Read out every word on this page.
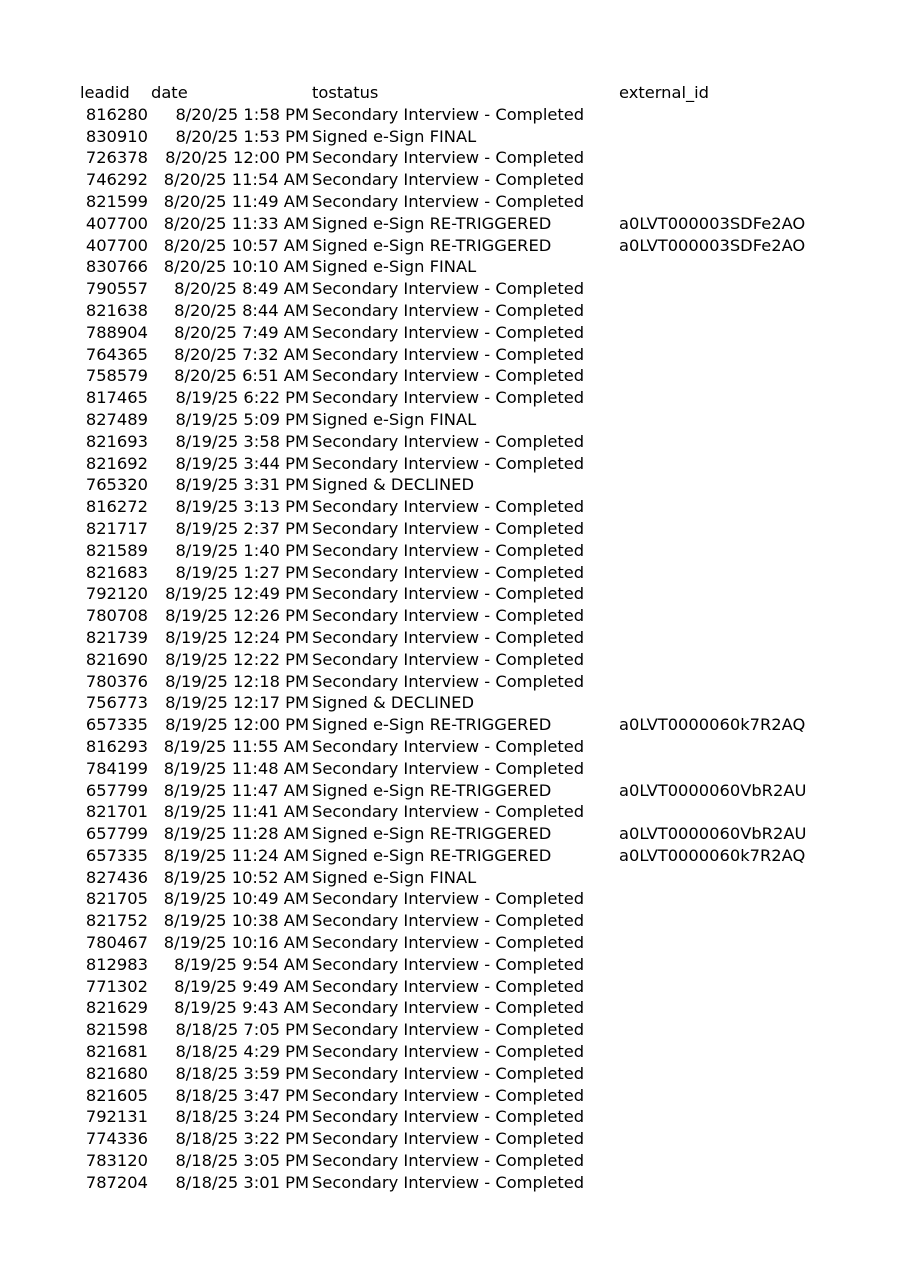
leadid date	tostatus	external_id
816280	8/20/25 1:58 PM Secondary Interview - Completed
830910	8/20/25 1:53 PM Signed e-Sign FINAL
726378	8/20/25 12:00 PM Secondary Interview - Completed
746292 8/20/25 11:54 AM Secondary Interview - Completed
821599 8/20/25 11:49 AM Secondary Interview - Completed
407700 8/20/25 11:33 AM Signed e-Sign RE-TRIGGERED	a0LVT000003SDFe2AO
407700 8/20/25 10:57 AM Signed e-Sign RE-TRIGGERED	a0LVT000003SDFe2AO
830766 8/20/25 10:10 AM Signed e-Sign FINAL
790557	8/20/25 8:49 AM Secondary Interview - Completed
821638	8/20/25 8:44 AM Secondary Interview - Completed
788904	8/20/25 7:49 AM Secondary Interview - Completed
764365	8/20/25 7:32 AM Secondary Interview - Completed
758579	8/20/25 6:51 AM Secondary Interview - Completed
817465	8/19/25 6:22 PM Secondary Interview - Completed
827489	8/19/25 5:09 PM Signed e-Sign FINAL
821693	8/19/25 3:58 PM Secondary Interview - Completed
821692	8/19/25 3:44 PM Secondary Interview - Completed
765320	8/19/25 3:31 PM Signed & DECLINED
816272	8/19/25 3:13 PM Secondary Interview - Completed
821717	8/19/25 2:37 PM Secondary Interview - Completed
821589	8/19/25 1:40 PM Secondary Interview - Completed
821683	8/19/25 1:27 PM Secondary Interview - Completed
792120	8/19/25 12:49 PM Secondary Interview - Completed
780708	8/19/25 12:26 PM Secondary Interview - Completed
821739	8/19/25 12:24 PM Secondary Interview - Completed
821690	8/19/25 12:22 PM Secondary Interview - Completed
780376	8/19/25 12:18 PM Secondary Interview - Completed
756773	8/19/25 12:17 PM Signed & DECLINED
657335	8/19/25 12:00 PM Signed e-Sign RE-TRIGGERED	a0LVT0000060k7R2AQ
816293 8/19/25 11:55 AM Secondary Interview - Completed
784199 8/19/25 11:48 AM Secondary Interview - Completed
657799 8/19/25 11:47 AM Signed e-Sign RE-TRIGGERED	a0LVT0000060VbR2AU
821701 8/19/25 11:41 AM Secondary Interview - Completed
657799 8/19/25 11:28 AM Signed e-Sign RE-TRIGGERED	a0LVT0000060VbR2AU
657335 8/19/25 11:24 AM Signed e-Sign RE-TRIGGERED	a0LVT0000060k7R2AQ
827436 8/19/25 10:52 AM Signed e-Sign FINAL
821705 8/19/25 10:49 AM Secondary Interview - Completed
821752 8/19/25 10:38 AM Secondary Interview - Completed
780467 8/19/25 10:16 AM Secondary Interview - Completed
812983	8/19/25 9:54 AM Secondary Interview - Completed
771302	8/19/25 9:49 AM Secondary Interview - Completed
821629	8/19/25 9:43 AM Secondary Interview - Completed
821598	8/18/25 7:05 PM Secondary Interview - Completed
821681	8/18/25 4:29 PM Secondary Interview - Completed
821680	8/18/25 3:59 PM Secondary Interview - Completed
821605	8/18/25 3:47 PM Secondary Interview - Completed
792131	8/18/25 3:24 PM Secondary Interview - Completed
774336	8/18/25 3:22 PM Secondary Interview - Completed
783120	8/18/25 3:05 PM Secondary Interview - Completed
787204	8/18/25 3:01 PM Secondary Interview - Completed
